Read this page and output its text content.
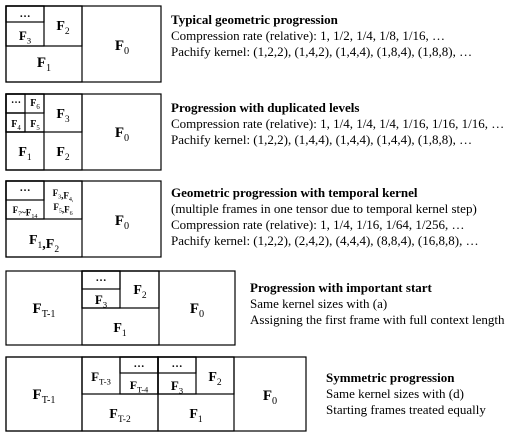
$F_0$
$F_1$
$F_2$
$F_3$
…	Typical geometric progression
Compression rate (relative): 1, 1/2, 1/4, 1/8, 1/16, …
Pachify kernel: (1,2,2), (1,4,2), (1,4,4), (1,8,4), (1,8,8), …
$F_0$
$F_1$ $F_2$
$F_3$
$F_4$ $F_5$
$F_6$
…	Progression with duplicated levels
Compression rate (relative): 1, 1/4, 1/4, 1/4, 1/16, 1/16, 1/16, …
Pachify kernel: (1,2,2), (1,4,4), (1,4,4), (1,4,4), (1,8,8), …
$F_0$
$F_1,F_2$
$F_3,F_{4,}$
$F_5,F_6$
$F_7\sim F_{14}$
…	Geometric progression with temporal kernel
(multiple frames in one tensor due to temporal kernel step)
Compression rate (relative): 1, 1/4, 1/16, 1/64, 1/256, …
Pachify kernel: (1,2,2), (2,4,2), (4,4,4), (8,8,4), (16,8,8), …
$F_{T-1}$	$F_0$
$F_1$
$F_2$
$F_3$
…
Progression with important start
Same kernel sizes with (a)
Assigning the first frame with full context length
$F_{T-1}$
$F_{T-2}$
$F_{T-3}$ $F_{T-4}$
… …
$F_3$
$F_2$
$F_1$
$F_0$
Symmetric progression
Same kernel sizes with (d)
Starting frames treated equally
